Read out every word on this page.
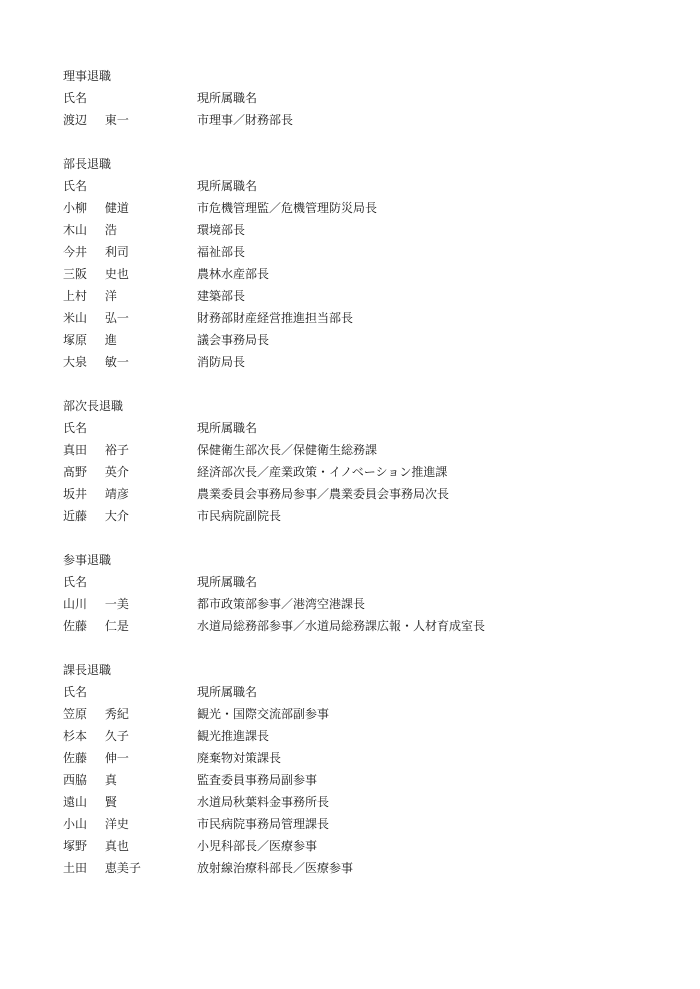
理事退職
氏名	現所属職名
渡辺 東一	市理事／財務部長
部長退職
氏名	現所属職名
小柳 健道	市危機管理監／危機管理防災局長
木山 浩	環境部長
今井 利司	福祉部長
三阪 史也	農林水産部長
上村 洋	建築部長
米山 弘一	財務部財産経営推進担当部長
塚原 進	議会事務局長
大泉 敏一	消防局長
部次長退職
氏名	現所属職名
真田 裕子	保健衛生部次長／保健衛生総務課
髙野 英介	経済部次長／産業政策・イノベーション推進課
坂井 靖彦	農業委員会事務局参事／農業委員会事務局次長
近藤 大介	市民病院副院長
参事退職
氏名	現所属職名
山川 一美	都市政策部参事／港湾空港課長
佐藤 仁是	水道局総務部参事／水道局総務課広報・人材育成室長
課長退職
氏名	現所属職名
笠原 秀紀	観光・国際交流部副参事
杉本 久子	観光推進課長
佐藤 伸一	廃棄物対策課長
西脇 真	監査委員事務局副参事
遠山 賢	水道局秋葉料金事務所長
小山 洋史	市民病院事務局管理課長
塚野 真也	小児科部長／医療参事
土田 恵美子	放射線治療科部長／医療参事
